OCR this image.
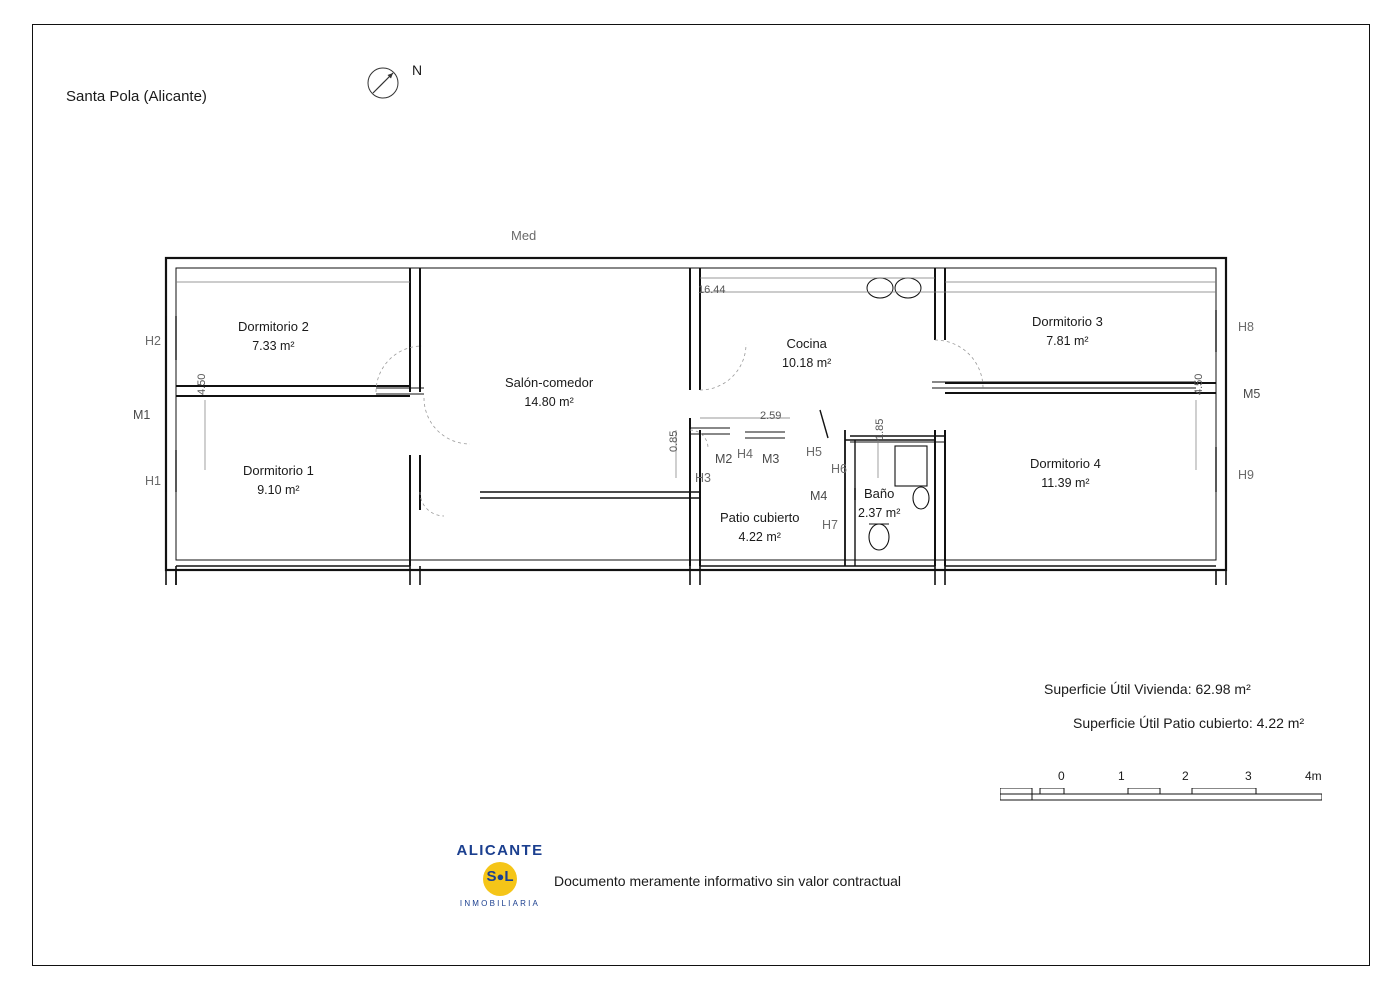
Santa Pola (Alicante)
N
Med
Dormitorio 2
7.33 m²
Dormitorio 1
9.10 m²
Salón-comedor
14.80 m²
Cocina
10.18 m²
Dormitorio 3
7.81 m²
Dormitorio 4
11.39 m²
Baño
2.37 m²
Patio cubierto
4.22 m²
16.44
4.50	4.50
2.59
0.85
1.85
H2
H1
M1
H8
H9
M5
M2 M3
H4	H5
H6
H3
M4
H7
Superficie Útil Vivienda: 62.98 m²
Superficie Útil Patio cubierto: 4.22 m²
0	1	2	3	4m
ALICANTE
S●L
INMOBILIARIA
Documento meramente informativo sin valor contractual
